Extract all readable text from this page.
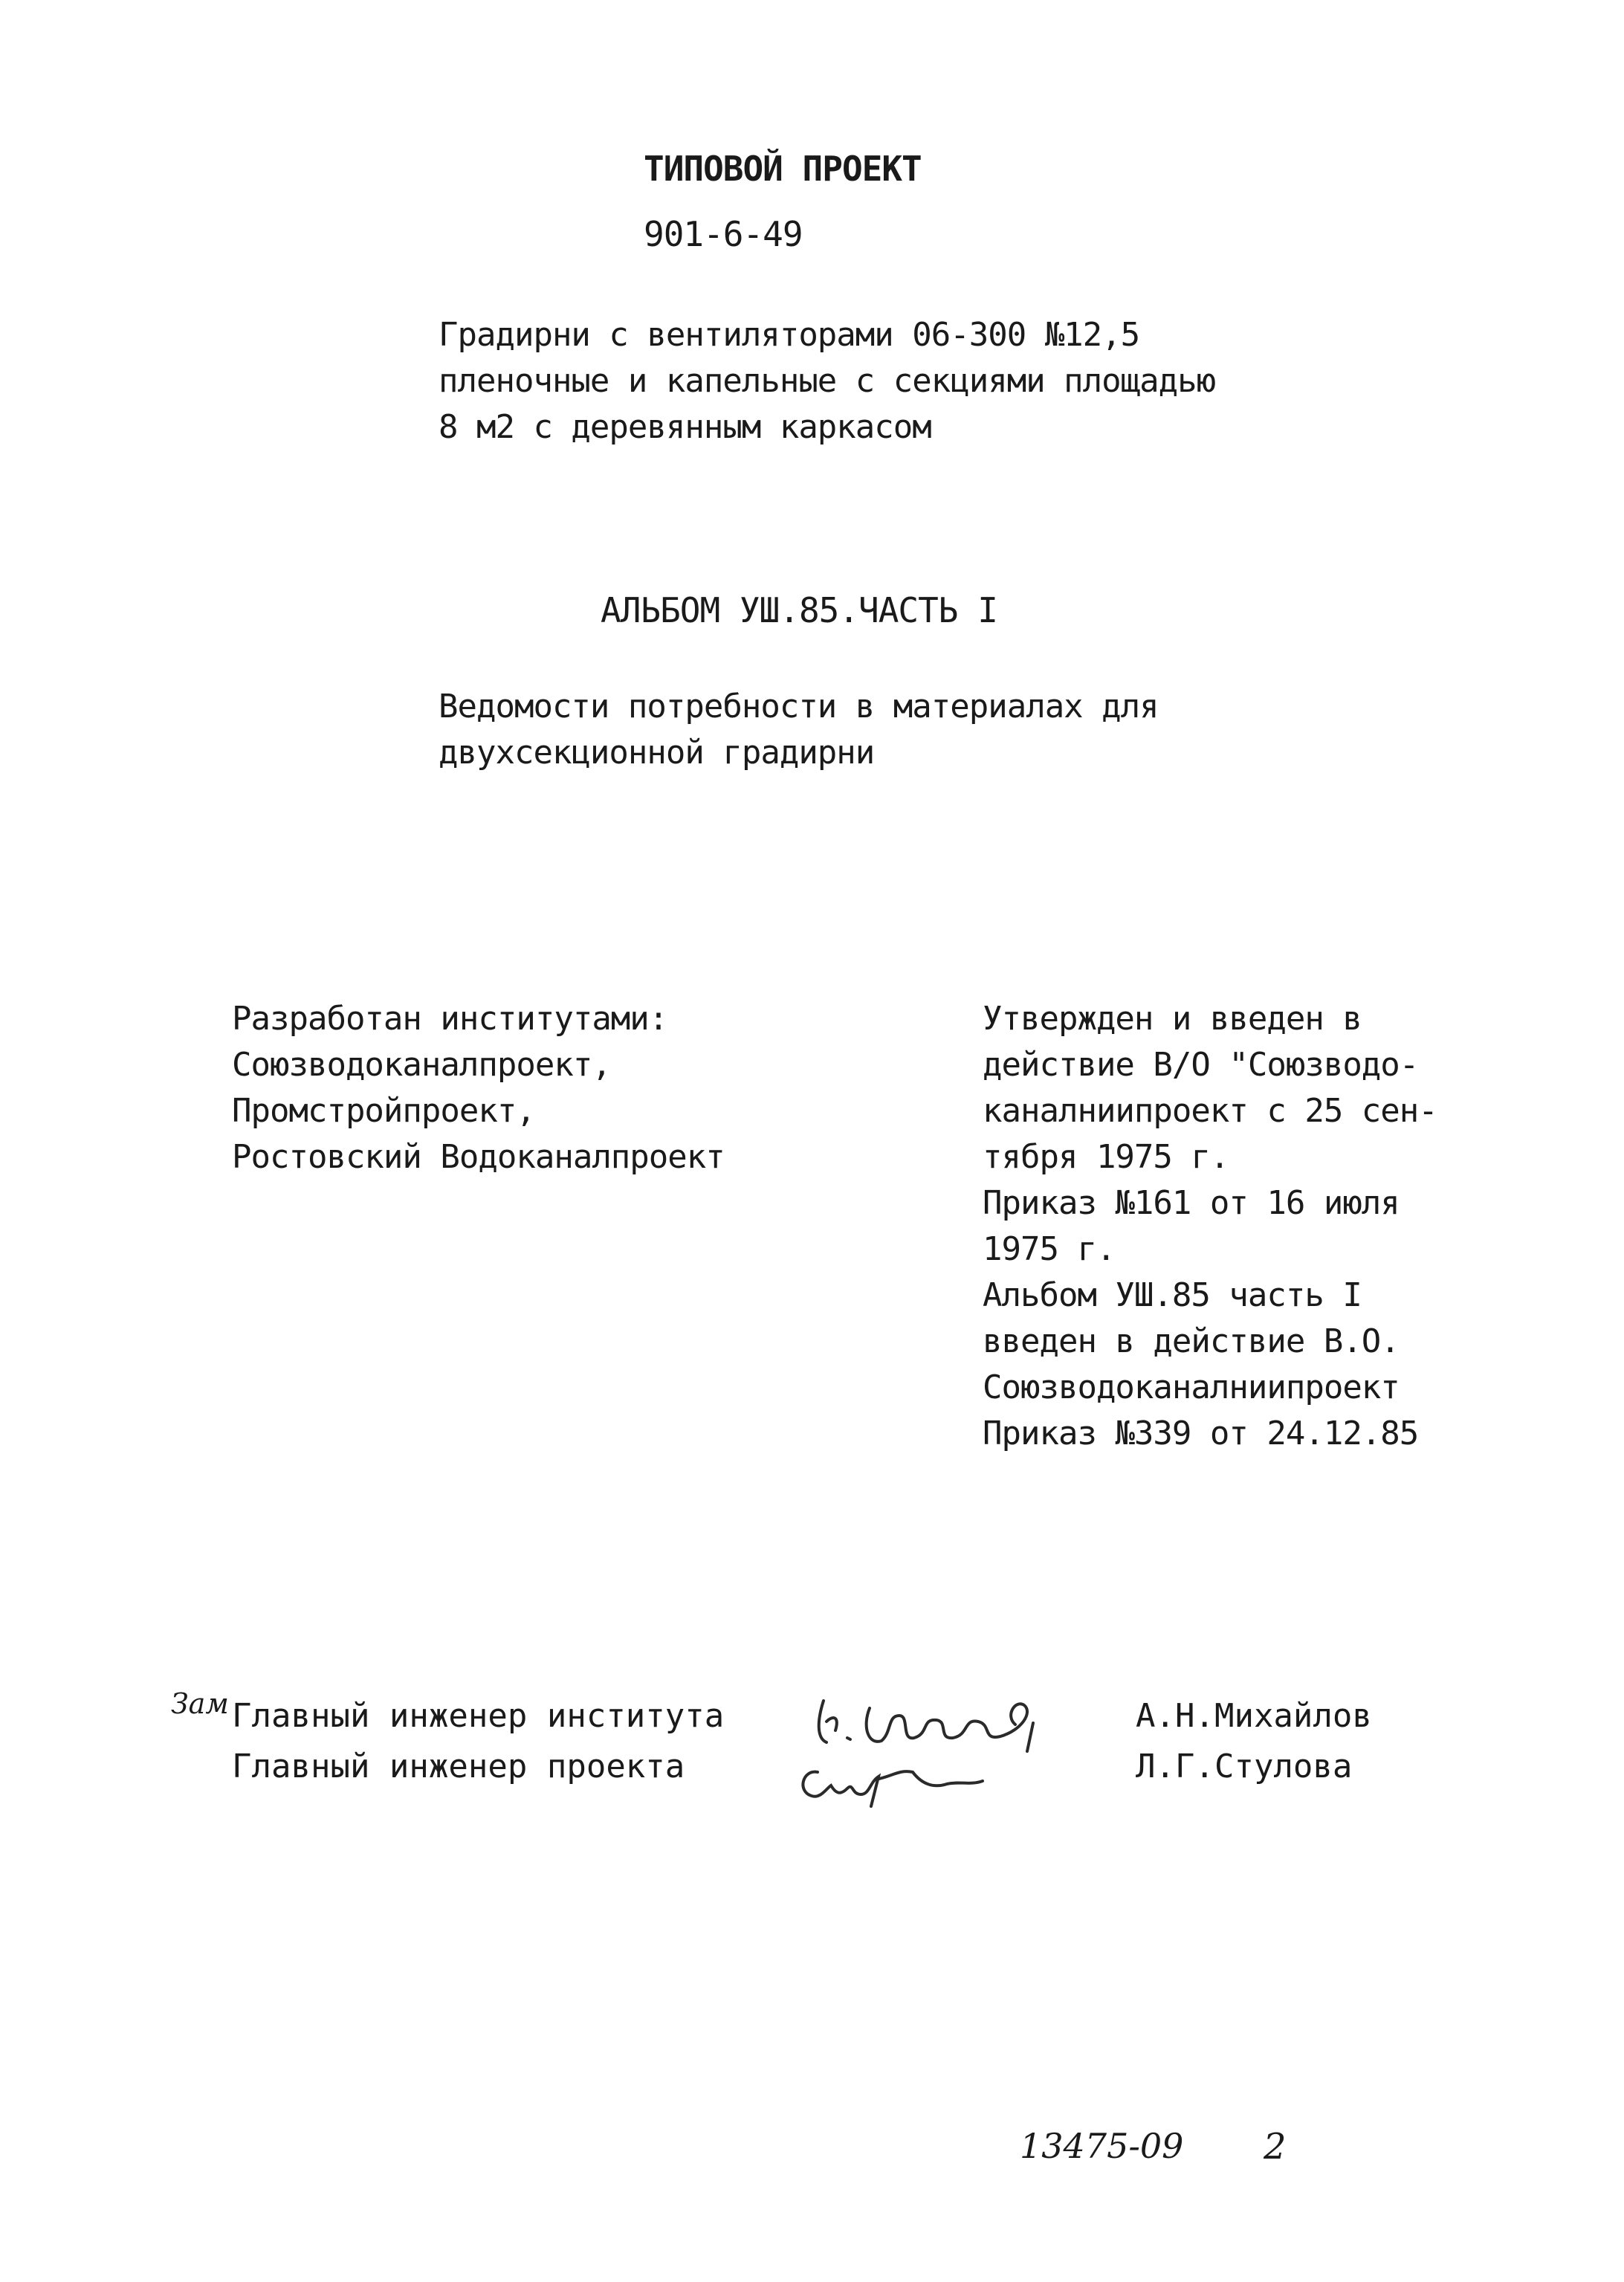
ТИПОВОЙ ПРОЕКТ
901-6-49
Градирни с вентиляторами 06-300 №12,5
пленочные и капельные с секциями площадью
8 м2 с деревянным каркасом
АЛЬБОМ УШ.85.ЧАСТЬ I
Ведомости потребности в материалах для
двухсекционной градирни
Разработан институтами:
Союзводоканалпроект,
Промстройпроект,
Ростовский Водоканалпроект
Утвержден и введен в
действие В/О "Союзводо-
каналниипроект с 25 сен-
тября 1975 г.
Приказ №161 от 16 июля
1975 г.
Альбом УШ.85 часть I
введен в действие В.О.
Союзводоканалниипроект
Приказ №339 от 24.12.85
Зам Главный инженер института
Главный инженер проекта
А.Н.Михайлов
Л.Г.Стулова
13475-09 2
